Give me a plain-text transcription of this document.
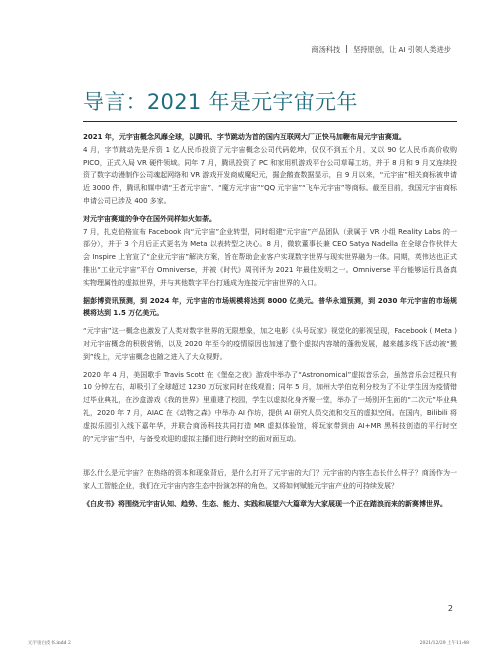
商汤科技 坚持原创，让 AI 引领人类进步
导言：2021 年是元宇宙元年

2021 年，元宇宙概念风靡全球，以腾讯、字节跳动为首的国内互联网大厂正快马加鞭布局元宇宙赛道。

4 月，字节跳动先是斥资 1 亿人民币投资了元宇宙概念公司代码乾坤，仅仅不到五个月，又以 90 亿人民币高价收购 PICO，正式入局 VR 硬件领域。同年 7 月，腾讯投资了 PC 和家用机游戏平台公司草莓工坊，并于 8 月和 9 月又连续投资了数字动漫制作公司魂起网络和 VR 游戏开发商威魔纪元，掘企鹅查数据显示，自 9 月以来，“元宇宙”相关商标被申请近 3000 件，腾讯和媒申请“王者元宇宙”、“魔方元宇宙”“QQ 元宇宙”“飞车元宇宙”等商标。截至目前，我国元宇宙商标申请公司已涉及 400 多家。

对元宇宙赛道的争夺在国外同样如火如荼。

7 月，扎克伯格宣布 Facebook 向“元宇宙”企业转型，同时组建“元宇宙”产品团队（隶属于 VR 小组 Reality Labs 的一部分），并于 3 个月后正式更名为 Meta 以表转型之决心。8 月，微软董事长兼 CEO Satya Nadella 在全球合作伙伴大会 Inspire 上官宣了“企业元宇宙”解决方案，旨在帮助企业客户实现数字世界与现实世界融为一体。同期，英伟达也正式推出“工业元宇宙”平台 Omniverse，并被《时代》周刊评为 2021 年最佳发明之一。Omniverse 平台能够运行具备真实物理属性的虚拟世界，并与其他数字平台打通成为连接元宇宙世界的入口。

据彭博资讯预测，到 2024 年，元宇宙的市场规模将达到 8000 亿美元。普华永道预测，到 2030 年元宇宙的市场规模将达到 1.5 万亿美元。

“元宇宙”这一概念也激发了人类对数字世界的无限想象，加之电影《头号玩家》视觉化的影视呈现，Facebook ( Meta ) 对元宇宙概念的积极营销，以及 2020 年至今的疫情原因也加速了整个虚拟内容端的蓬勃发展，越来越多线下活动被“搬到”线上，元宇宙概念也随之进入了大众视野。

2020 年 4 月，美国歌手 Travis Scott 在《堡垒之夜》游戏中举办了“Astronomical”虚拟音乐会，虽然音乐会过程只有 10 分钟左右，却吸引了全球超过 1230 万玩家同时在线观看；同年 5 月，加州大学伯克利分校为了不让学生因为疫情错过毕业典礼，在沙盒游戏《我的世界》里重建了校园，学生以虚拟化身齐聚一堂，举办了一场别开生面的“二次元”毕业典礼，2020 年 7 月，AIAC 在《动物之森》中举办 AI 作坊，提供 AI 研究人员交流和交互的虚拟空间。在国内，Bilibili 将虚拟乐园引入线下嘉年华，并联合商汤科技共同打造 MR 虚拟体验馆，将玩家带到由 AI+MR 黑科技创造的平行时空的“元宇宙”当中，与备受欢迎的虚拟主播们进行跨时空的面对面互动。

那么什么是元宇宙？在热络的资本和现象背后，是什么打开了元宇宙的大门？元宇宙的内容生态长什么样子？商汤作为一家人工智能企业，我们在元宇宙内容生态中扮演怎样的角色，又将如何赋能元宇宙产业的可持续发展？

《白皮书》将围绕元宇宙认知、趋势、生态、能力、实践和展望六大篇章为大家展现一个正在踏浪而来的新赛博世界。

2
元宇宙白皮书.indd 2	2021/12/29 上午11:48
